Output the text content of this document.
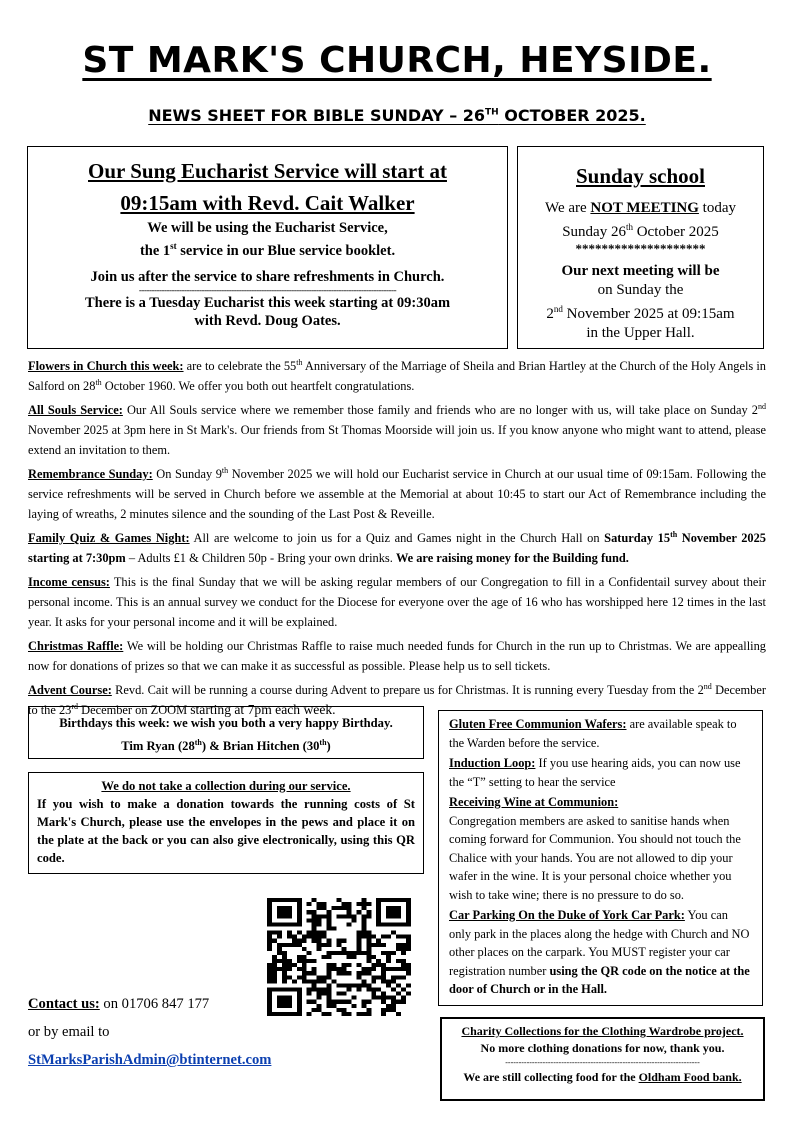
ST MARK'S CHURCH, HEYSIDE.
NEWS SHEET FOR BIBLE SUNDAY – 26TH OCTOBER 2025.
Our Sung Eucharist Service will start at
09:15am with Revd. Cait Walker
We will be using the Eucharist Service,
the 1st service in our Blue service booklet.
Join us after the service to share refreshments in Church.
-------------------------------------------------------------------------------------------------------
There is a Tuesday Eucharist this week starting at 09:30am
with Revd. Doug Oates.
Sunday school
We are NOT MEETING today
Sunday 26th October 2025
********************
Our next meeting will be
on Sunday the
2nd November 2025 at 09:15am
in the Upper Hall.

Flowers in Church this week: are to celebrate the 55th Anniversary of the Marriage of Sheila and Brian Hartley at the Church of the Holy Angels in Salford on 28th October 1960. We offer you both out heartfelt congratulations.

All Souls Service: Our All Souls service where we remember those family and friends who are no longer with us, will take place on Sunday 2nd November 2025 at 3pm here in St Mark's. Our friends from St Thomas Moorside will join us. If you know anyone who might want to attend, please extend an invitation to them.

Remembrance Sunday: On Sunday 9th November 2025 we will hold our Eucharist service in Church at our usual time of 09:15am. Following the service refreshments will be served in Church before we assemble at the Memorial at about 10:45 to start our Act of Remembrance including the laying of wreaths, 2 minutes silence and the sounding of the Last Post & Reveille.

Family Quiz & Games Night: All are welcome to join us for a Quiz and Games night in the Church Hall on Saturday 15th November 2025 starting at 7:30pm – Adults £1 & Children 50p - Bring your own drinks. We are raising money for the Building fund.

Income census: This is the final Sunday that we will be asking regular members of our Congregation to fill in a Confidentail survey about their personal income. This is an annual survey we conduct for the Diocese for everyone over the age of 16 who has worshipped here 12 times in the last year. It asks for your personal income and it will be explained.

Christmas Raffle: We will be holding our Christmas Raffle to raise much needed funds for Church in the run up to Christmas. We are appealling now for donations of prizes so that we can make it as successful as possible. Please help us to sell tickets.

Advent Course: Revd. Cait will be running a course during Advent to prepare us for Christmas. It is running every Tuesday from the 2nd December to the 23rd December on ZOOM starting at 7pm each week.

Birthdays this week: we wish you both a very happy Birthday.
Tim Ryan (28th) & Brian Hitchen (30th)
We do not take a collection during our service.
If you wish to make a donation towards the running costs of St Mark's Church, please use the envelopes in the pews and place it on the plate at the back or you can also give electronically, using this QR code.
Contact us: on 01706 847 177
or by email to
StMarksParishAdmin@btinternet.com

Gluten Free Communion Wafers: are available speak to the Warden before the service.

Induction Loop: If you use hearing aids, you can now use the “T” setting to hear the service

Receiving Wine at Communion:

Congregation members are asked to sanitise hands when coming forward for Communion. You should not touch the Chalice with your hands. You are not allowed to dip your wafer in the wine. It is your personal choice whether you wish to take wine; there is no pressure to do so.

Car Parking On the Duke of York Car Park: You can only park in the places along the hedge with Church and NO other places on the carpark. You MUST register your car registration number using the QR code on the notice at the door of Church or in the Hall.

Charity Collections for the Clothing Wardrobe project.
No more clothing donations for now, thank you.
-------------------------------------------------------------------------
We are still collecting food for the Oldham Food bank.
